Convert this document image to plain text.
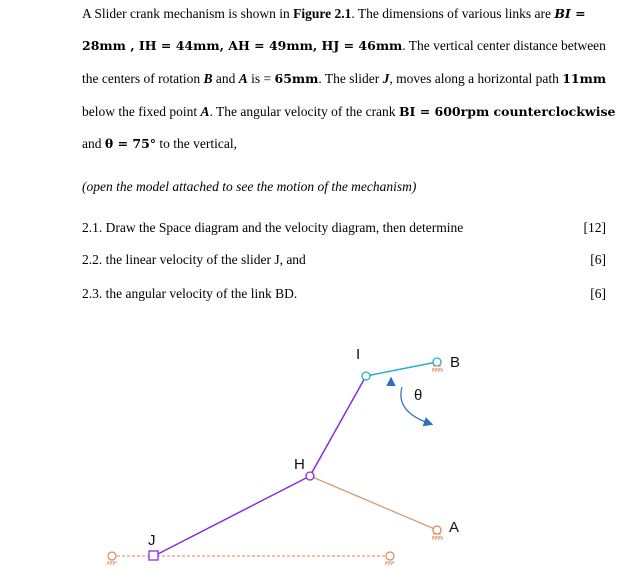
A Slider crank mechanism is shown in Figure 2.1. The dimensions of various links are BI =
28mm , IH = 44mm, AH = 49mm, HJ = 46mm. The vertical center distance between
the centers of rotation B and A is = 65mm. The slider J, moves along a horizontal path 11mm
below the fixed point A. The angular velocity of the crank BI = 600rpm counterclockwise
and θ = 75° to the vertical,
(open the model attached to see the motion of the mechanism)
2.1. Draw the Space diagram and the velocity diagram, then determine	[12]
2.2. the linear velocity of the slider J, and	[6]
2.3. the angular velocity of the link BD.	[6]
I	B
θ
H
A
J
